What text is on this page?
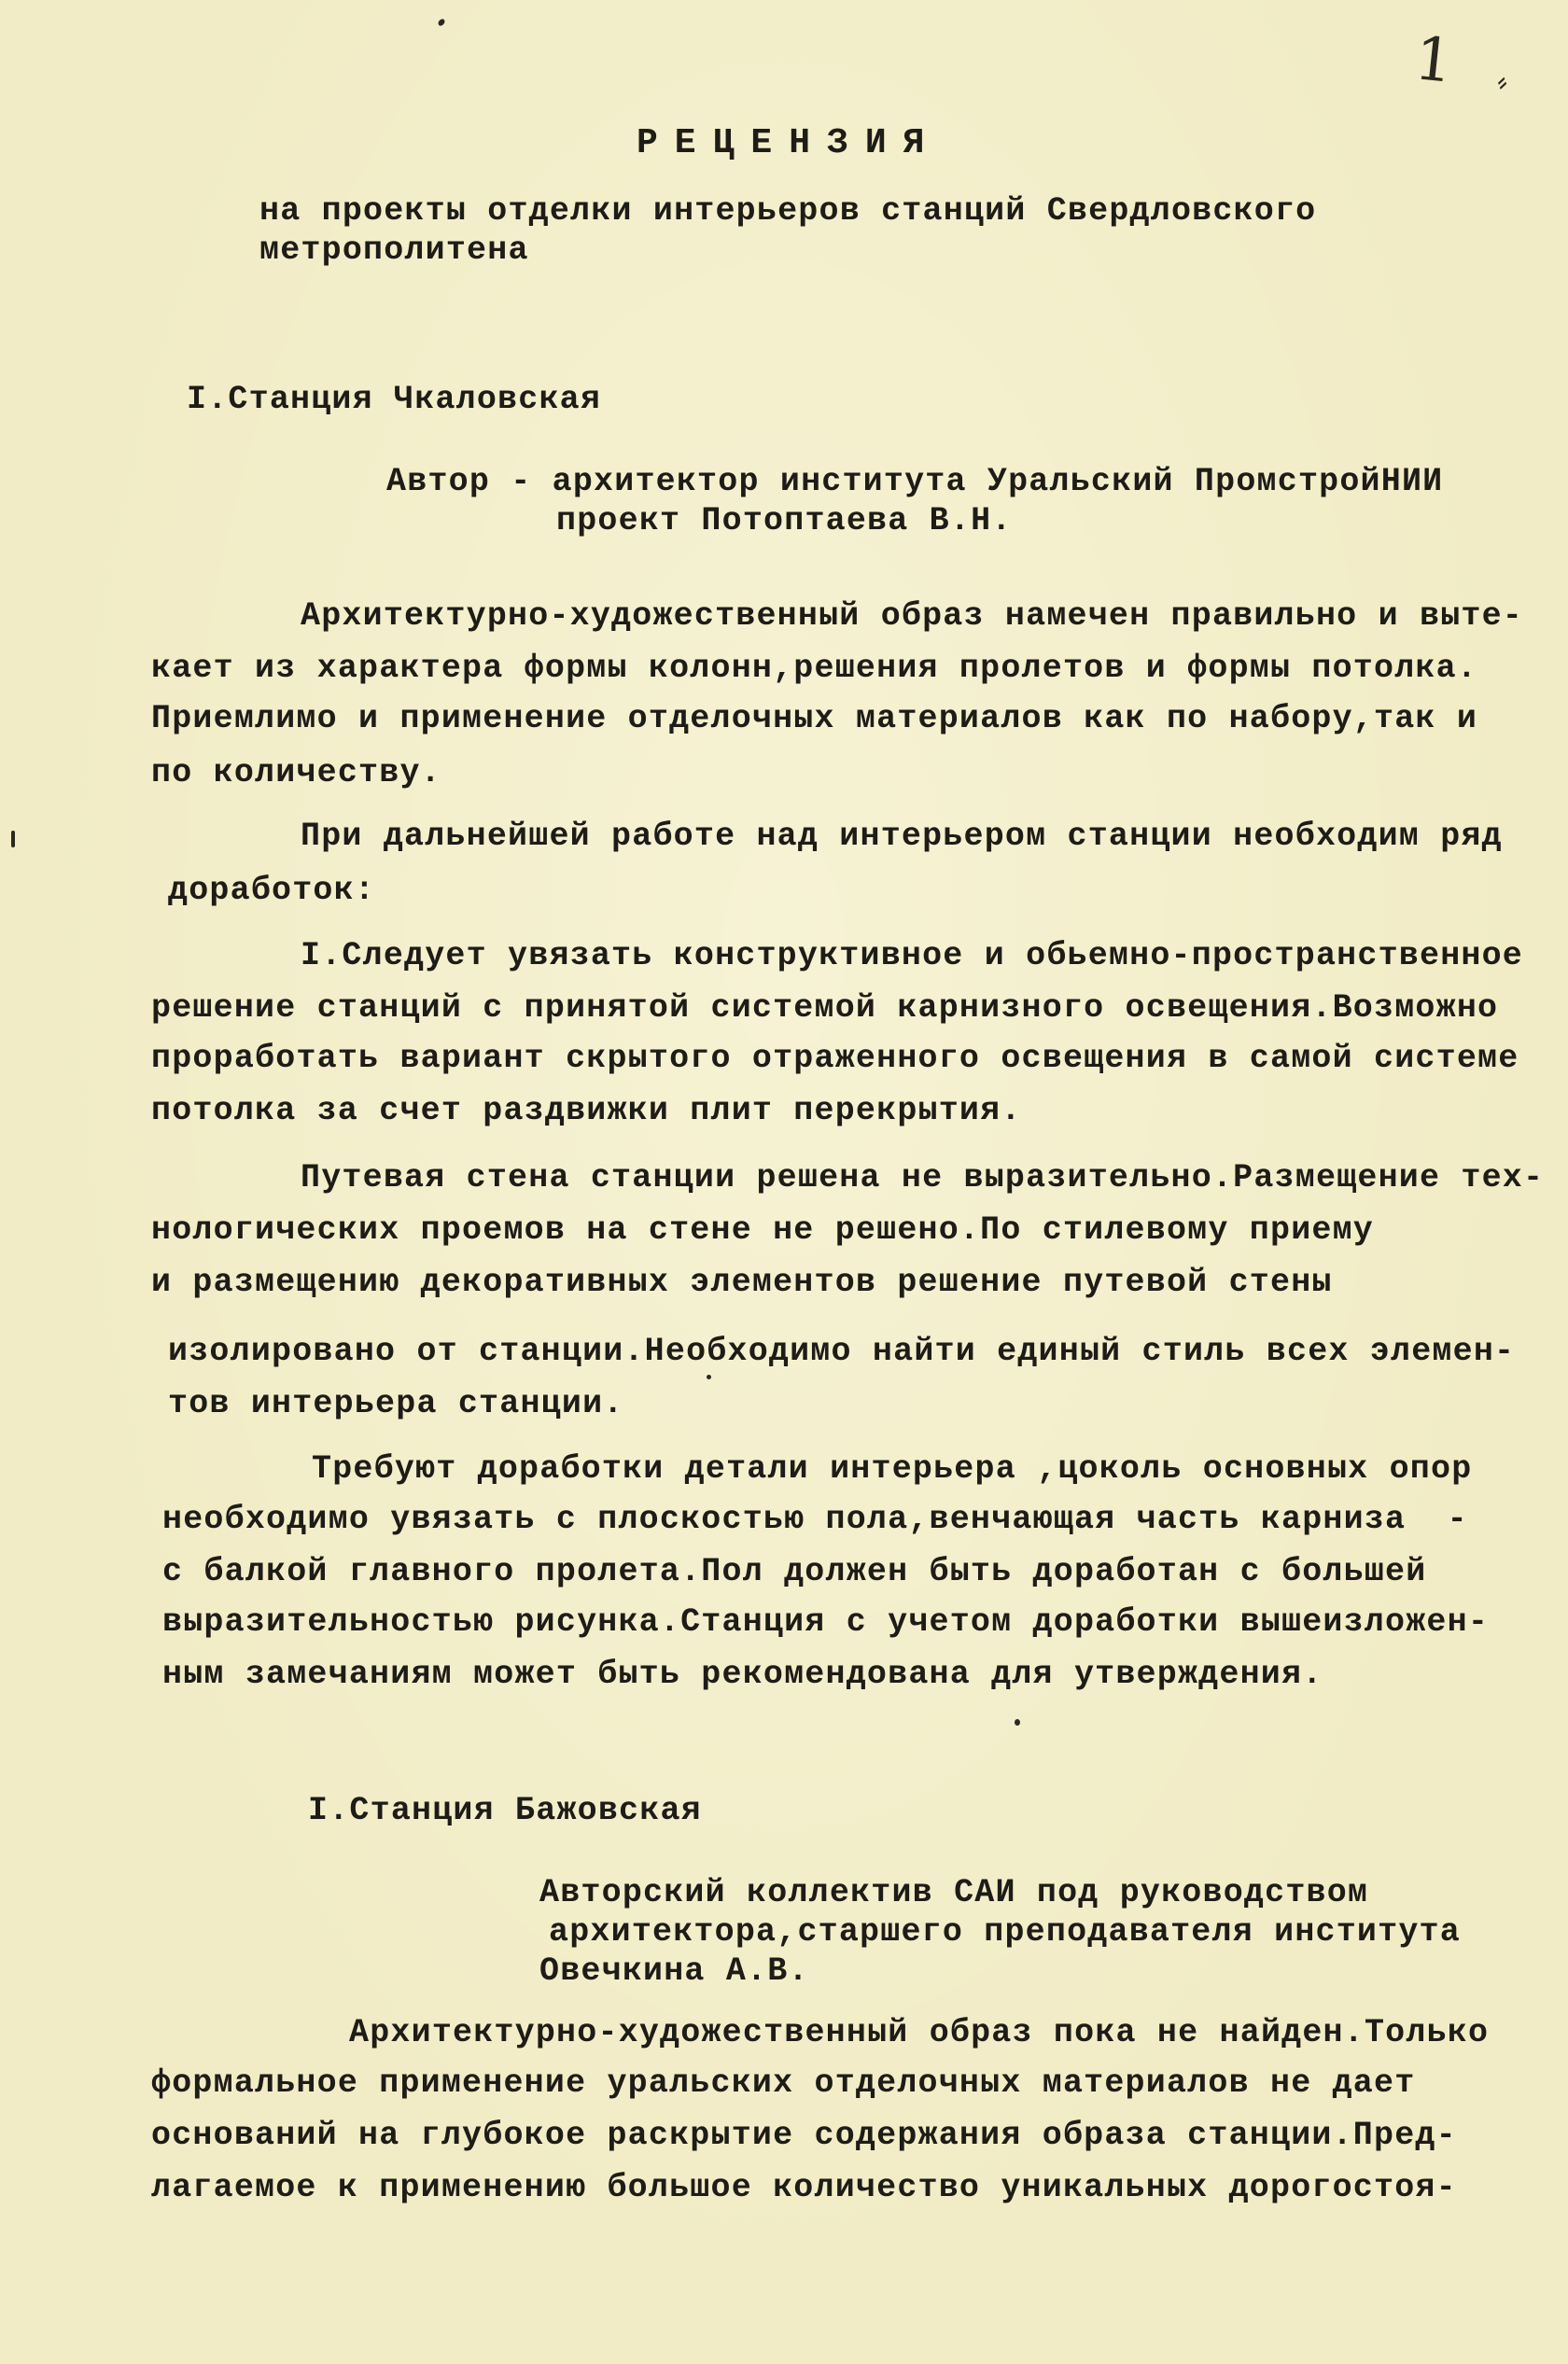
1 ⸗
РЕЦЕНЗИЯ
на проекты отделки интерьеров станций Свердловского
метрополитена
I.Станция Чкаловская
Автор - архитектор института Уральский ПромстройНИИ
проект Потоптаева В.Н.
Архитектурно-художественный образ намечен правильно и выте-
кает из характера формы колонн,решения пролетов и формы потолка.
Приемлимо и применение отделочных материалов как по набору,так и
по количеству.
При дальнейшей работе над интерьером станции необходим ряд
доработок:
I.Следует увязать конструктивное и обьемно-пространственное
решение станций с принятой системой карнизного освещения.Возможно
проработать вариант скрытого отраженного освещения в самой системе
потолка за счет раздвижки плит перекрытия.
Путевая стена станции решена не выразительно.Размещение тех-
нологических проемов на стене не решено.По стилевому приему
и размещению декоративных элементов решение путевой стены
изолировано от станции.Необходимо найти единый стиль всех элемен-
тов интерьера станции.
Требуют доработки детали интерьера ,цоколь основных опор
необходимо увязать с плоскостью пола,венчающая часть карниза  -
с балкой главного пролета.Пол должен быть доработан с большей
выразительностью рисунка.Станция с учетом доработки вышеизложен-
ным замечаниям может быть рекомендована для утверждения.
I.Станция Бажовская
Авторский коллектив САИ под руководством
архитектора,старшего преподавателя института
Овечкина А.В.
Архитектурно-художественный образ пока не найден.Только
формальное применение уральских отделочных материалов не дает
оснований на глубокое раскрытие содержания образа станции.Пред-
лагаемое к применению большое количество уникальных дорогостоя-
